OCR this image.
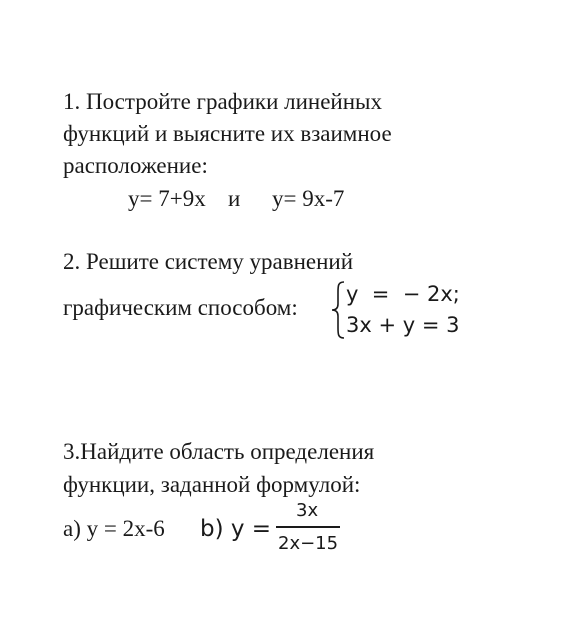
1. Постройте графики линейных
функций и выясните их взаимное
расположение:
y= 7+9x и y= 9x-7
2. Решите систему уравнений
графическим способом:
y  =  − 2x;
3x + y = 3
3.Найдите область определения
функции, заданной формулой:
а) y = 2x-6 b) y =
3x
2x−15
